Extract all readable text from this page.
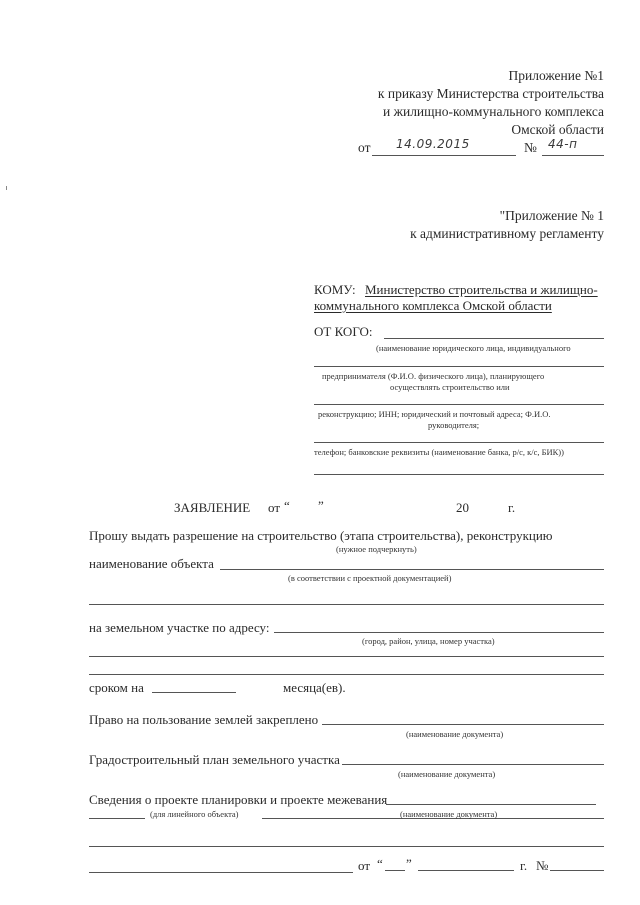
Приложение №1
к приказу Министерства строительства
и жилищно-коммунального комплекса
Омской области
от 14.09.2015	№ 44-п
"Приложение № 1
к административному регламенту
КОМУ: Министерство строительства и жилищно-
коммунального комплекса Омской области
ОТ КОГО:
(наименование юридического лица, индивидуального
предпринимателя (Ф.И.О. физического лица), планирующего
осуществлять строительство или
реконструкцию; ИНН; юридический и почтовый адреса; Ф.И.О.
руководителя;
телефон; банковские реквизиты (наименование банка, р/с, к/с, БИК))
ЗАЯВЛЕНИЕ от “ ”	20	г.
Прошу выдать разрешение на строительство (этапа строительства), реконструкцию
(нужное подчеркнуть)
наименование объекта
(в соответствии с проектной документацией)
на земельном участке по адресу:
(город, район, улица, номер участка)
сроком на	месяца(ев).
Право на пользование землей закреплено
(наименование документа)
Градостроительный план земельного участка
(наименование документа)
Сведения о проекте планировки и проекте межевания
(для линейного объекта)	(наименование документа)
от “ ”	г. №
